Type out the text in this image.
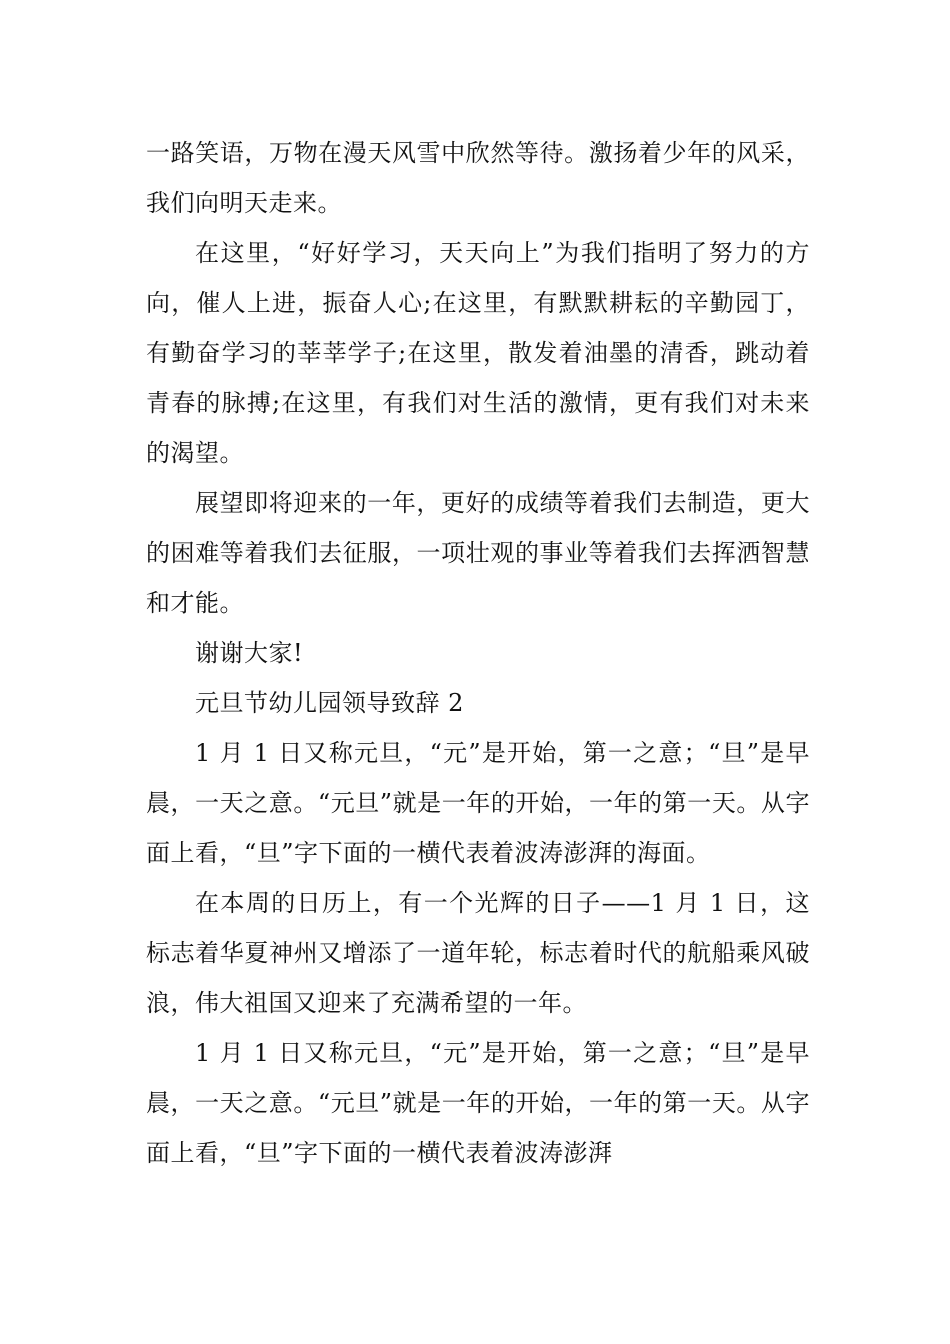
一路笑语，万物在漫天风雪中欣然等待。激扬着少年的风采，我们向明天走来。

在这里，“好好学习，天天向上”为我们指明了努力的方向，催人上进，振奋人心;在这里，有默默耕耘的辛勤园丁，有勤奋学习的莘莘学子;在这里，散发着油墨的清香，跳动着青春的脉搏;在这里，有我们对生活的激情，更有我们对未来的渴望。

展望即将迎来的一年，更好的成绩等着我们去制造，更大的困难等着我们去征服，一项壮观的事业等着我们去挥洒智慧和才能。

谢谢大家!

元旦节幼儿园领导致辞 2

1 月 1 日又称元旦，“元”是开始，第一之意；“旦”是早晨，一天之意。“元旦”就是一年的开始，一年的第一天。从字面上看，“旦”字下面的一横代表着波涛澎湃的海面。

在本周的日历上，有一个光辉的日子——1 月 1 日，这标志着华夏神州又增添了一道年轮，标志着时代的航船乘风破浪，伟大祖国又迎来了充满希望的一年。

1 月 1 日又称元旦，“元”是开始，第一之意；“旦”是早晨，一天之意。“元旦”就是一年的开始，一年的第一天。从字面上看，“旦”字下面的一横代表着波涛澎湃
